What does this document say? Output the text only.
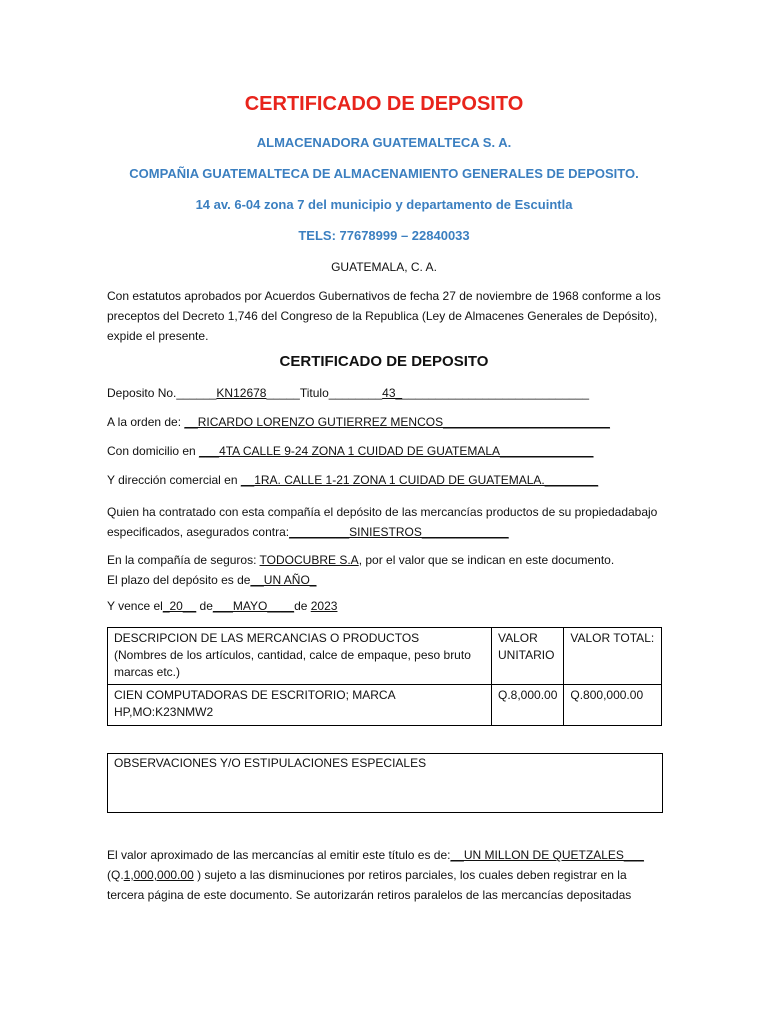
CERTIFICADO DE DEPOSITO
ALMACENADORA GUATEMALTECA S. A.
COMPAÑIA GUATEMALTECA DE ALMACENAMIENTO GENERALES DE DEPOSITO.
14 av. 6-04 zona 7 del municipio y departamento de Escuintla
TELS: 77678999 – 22840033
GUATEMALA, C. A.
Con estatutos aprobados por Acuerdos Gubernativos de fecha 27 de noviembre de 1968 conforme a los preceptos del Decreto 1,746 del Congreso de la Republica (Ley de Almacenes Generales de Depósito), expide el presente.
CERTIFICADO DE DEPOSITO
Deposito No.______KN12678_____Titulo________43_____________________________
A la orden de: __RICARDO LORENZO GUTIERREZ MENCOS_________________________
Con domicilio en ___4TA CALLE 9-24 ZONA 1 CUIDAD DE GUATEMALA______________
Y dirección comercial en __1RA. CALLE 1-21 ZONA 1 CUIDAD DE GUATEMALA.________
Quien ha contratado con esta compañía el depósito de las mercancías productos de su propiedadabajo especificados, asegurados contra:_________SINIESTROS_____________
En la compañía de seguros: TODOCUBRE S.A, por el valor que se indican en este documento.
El plazo del depósito es de__UN AÑO_
Y vence el_20__ de___MAYO____de 2023
DESCRIPCION DE LAS MERCANCIAS O PRODUCTOS
(Nombres de los artículos, cantidad, calce de empaque, peso bruto marcas etc.)	VALOR UNITARIO	VALOR TOTAL:
CIEN COMPUTADORAS DE ESCRITORIO; MARCA HP,MO:K23NMW2	Q.8,000.00	Q.800,000.00
OBSERVACIONES Y/O ESTIPULACIONES ESPECIALES
El valor aproximado de las mercancías al emitir este título es de:__UN MILLON DE QUETZALES___
(Q.1,000,000.00 ) sujeto a las disminuciones por retiros parciales, los cuales deben registrar en la tercera página de este documento. Se autorizarán retiros paralelos de las mercancías depositadas
